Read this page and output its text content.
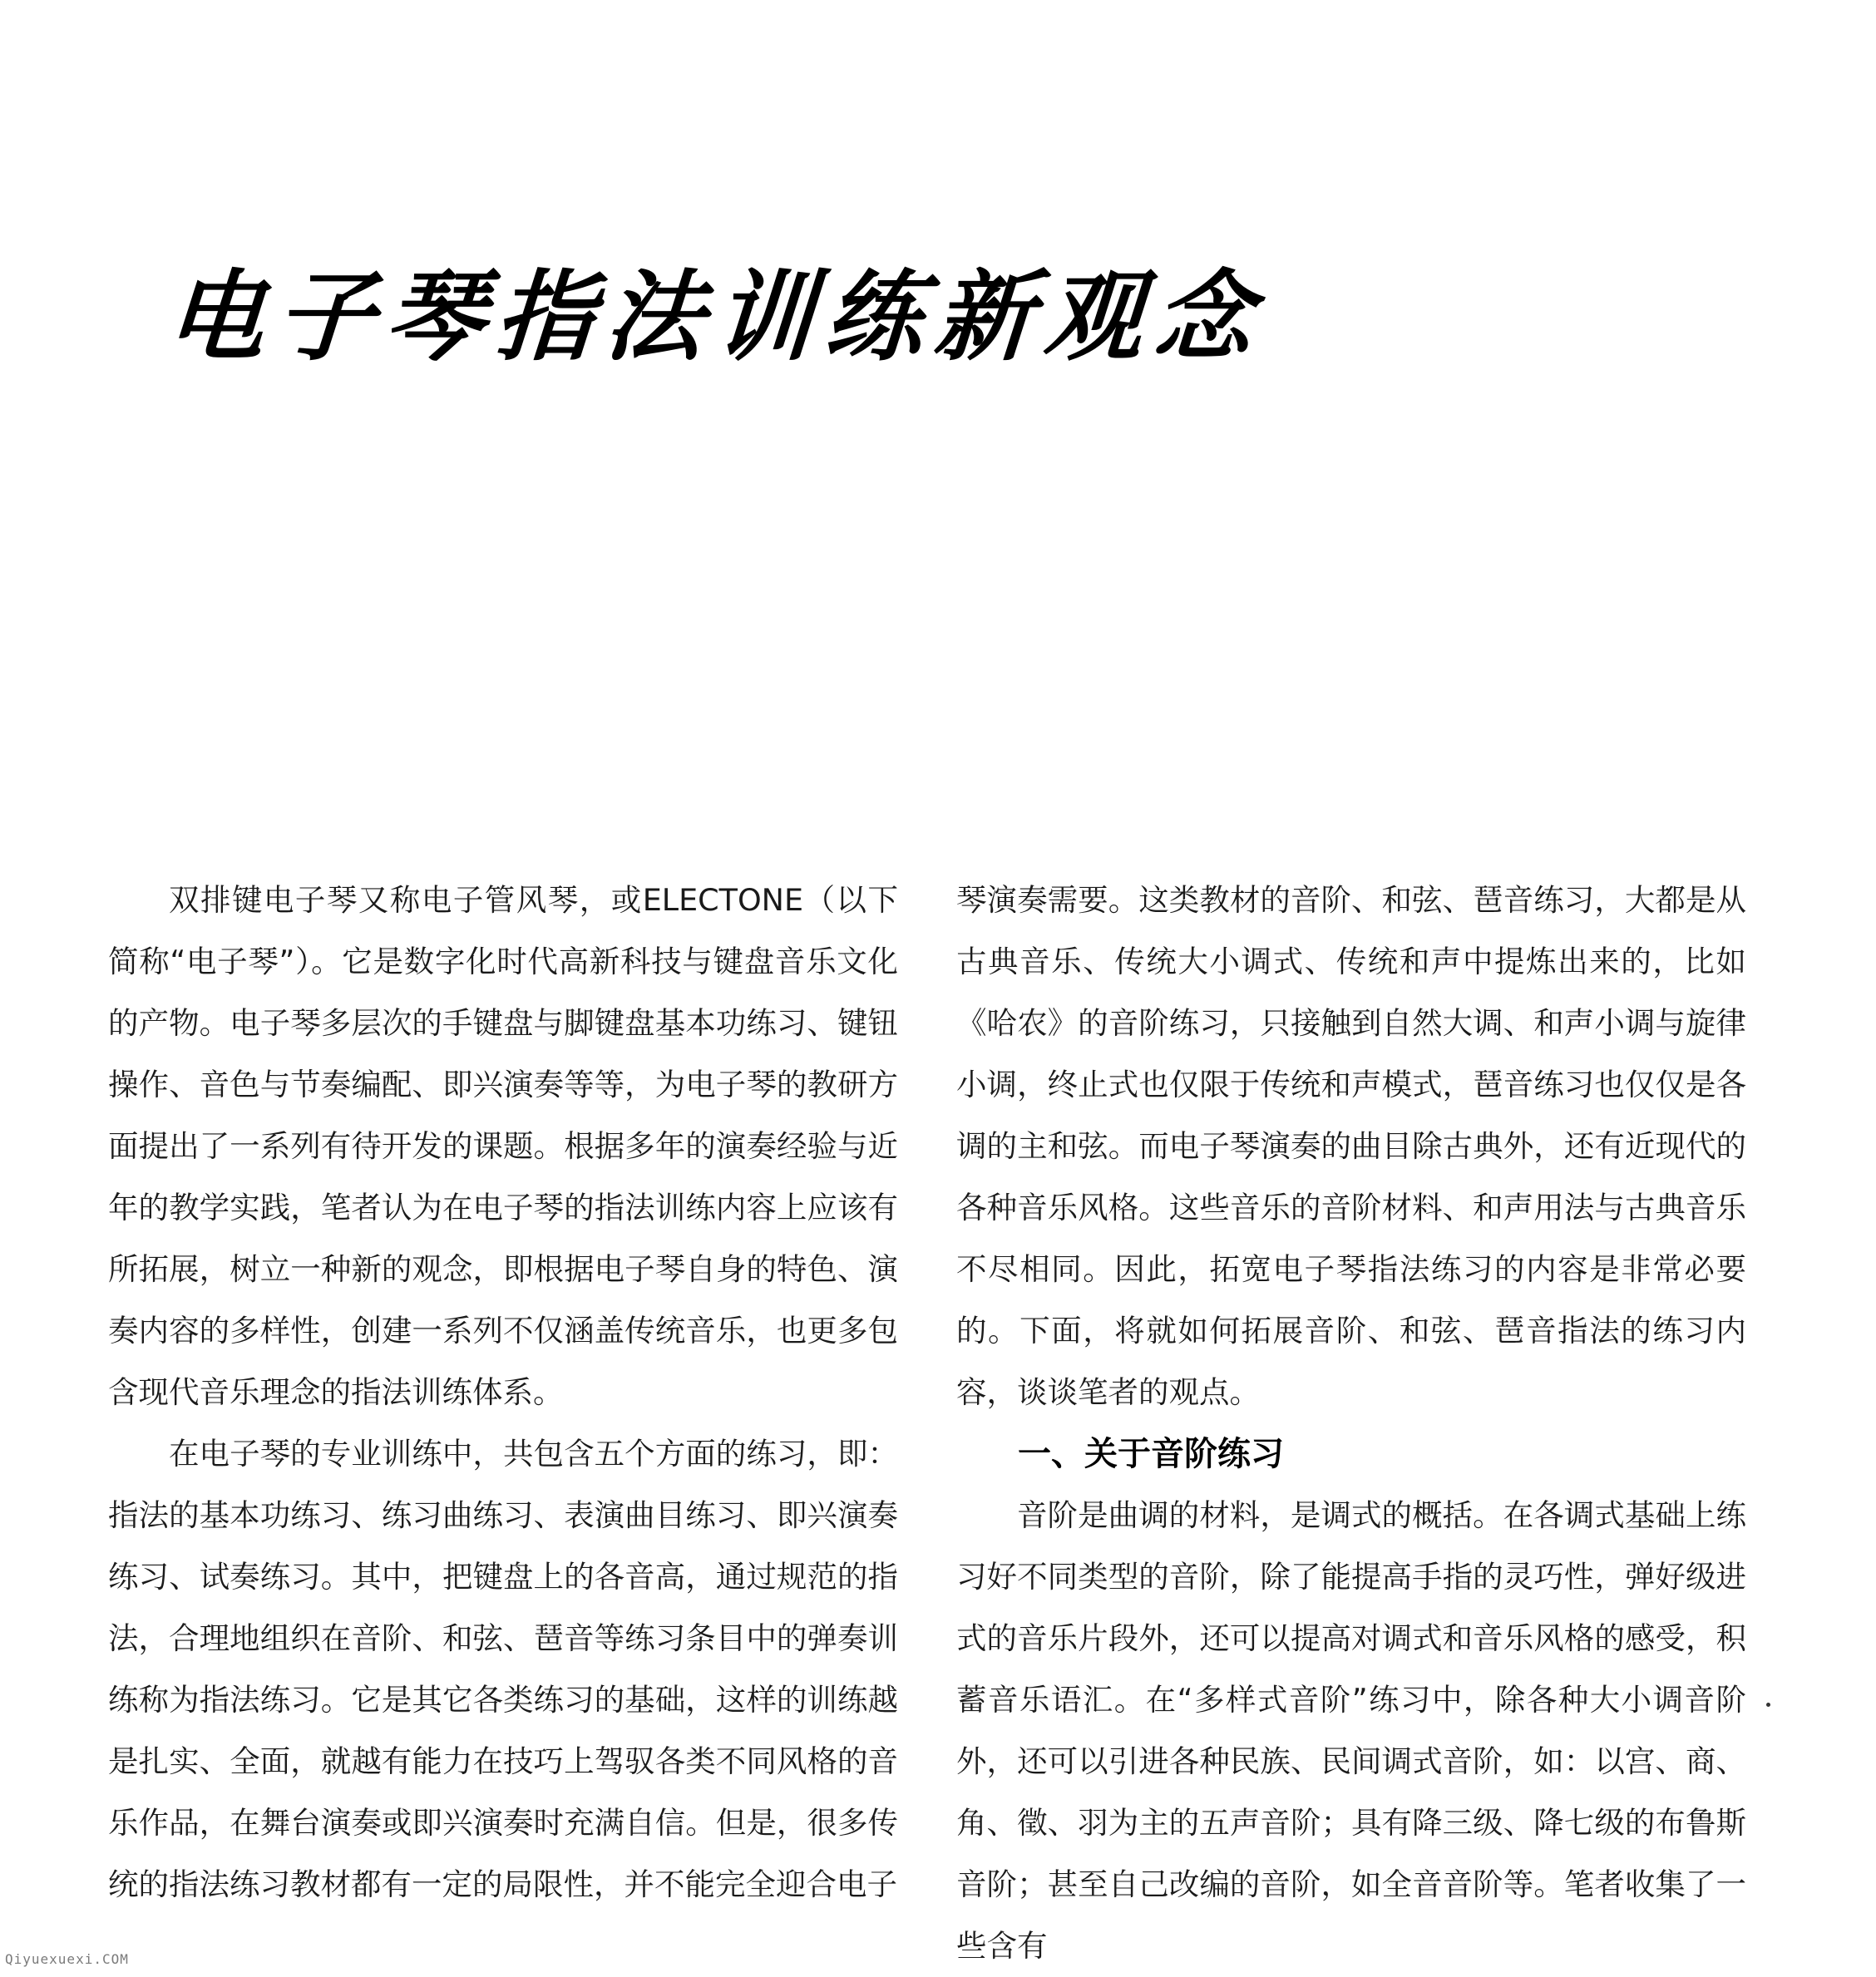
电子琴指法训练新观念

双排键电子琴又称电子管风琴，或ELECTONE（以下简称“电子琴”）。它是数字化时代高新科技与键盘音乐文化的产物。电子琴多层次的手键盘与脚键盘基本功练习、键钮操作、音色与节奏编配、即兴演奏等等，为电子琴的教研方面提出了一系列有待开发的课题。根据多年的演奏经验与近年的教学实践，笔者认为在电子琴的指法训练内容上应该有所拓展，树立一种新的观念，即根据电子琴自身的特色、演奏内容的多样性，创建一系列不仅涵盖传统音乐，也更多包含现代音乐理念的指法训练体系。

在电子琴的专业训练中，共包含五个方面的练习，即：指法的基本功练习、练习曲练习、表演曲目练习、即兴演奏练习、试奏练习。其中，把键盘上的各音高，通过规范的指法，合理地组织在音阶、和弦、琶音等练习条目中的弹奏训练称为指法练习。它是其它各类练习的基础，这样的训练越是扎实、全面，就越有能力在技巧上驾驭各类不同风格的音乐作品，在舞台演奏或即兴演奏时充满自信。但是，很多传统的指法练习教材都有一定的局限性，并不能完全迎合电子

琴演奏需要。这类教材的音阶、和弦、琶音练习，大都是从古典音乐、传统大小调式、传统和声中提炼出来的，比如《哈农》的音阶练习，只接触到自然大调、和声小调与旋律小调，终止式也仅限于传统和声模式，琶音练习也仅仅是各调的主和弦。而电子琴演奏的曲目除古典外，还有近现代的各种音乐风格。这些音乐的音阶材料、和声用法与古典音乐不尽相同。因此，拓宽电子琴指法练习的内容是非常必要的。下面，将就如何拓展音阶、和弦、琶音指法的练习内容，谈谈笔者的观点。

一、关于音阶练习

音阶是曲调的材料，是调式的概括。在各调式基础上练习好不同类型的音阶，除了能提高手指的灵巧性，弹好级进式的音乐片段外，还可以提高对调式和音乐风格的感受，积蓄音乐语汇。在“多样式音阶”练习中，除各种大小调音阶外，还可以引进各种民族、民间调式音阶，如：以宫、商、角、徵、羽为主的五声音阶；具有降三级、降七级的布鲁斯音阶；甚至自己改编的音阶，如全音音阶等。笔者收集了一些含有

Qiyuexuexi.COM
